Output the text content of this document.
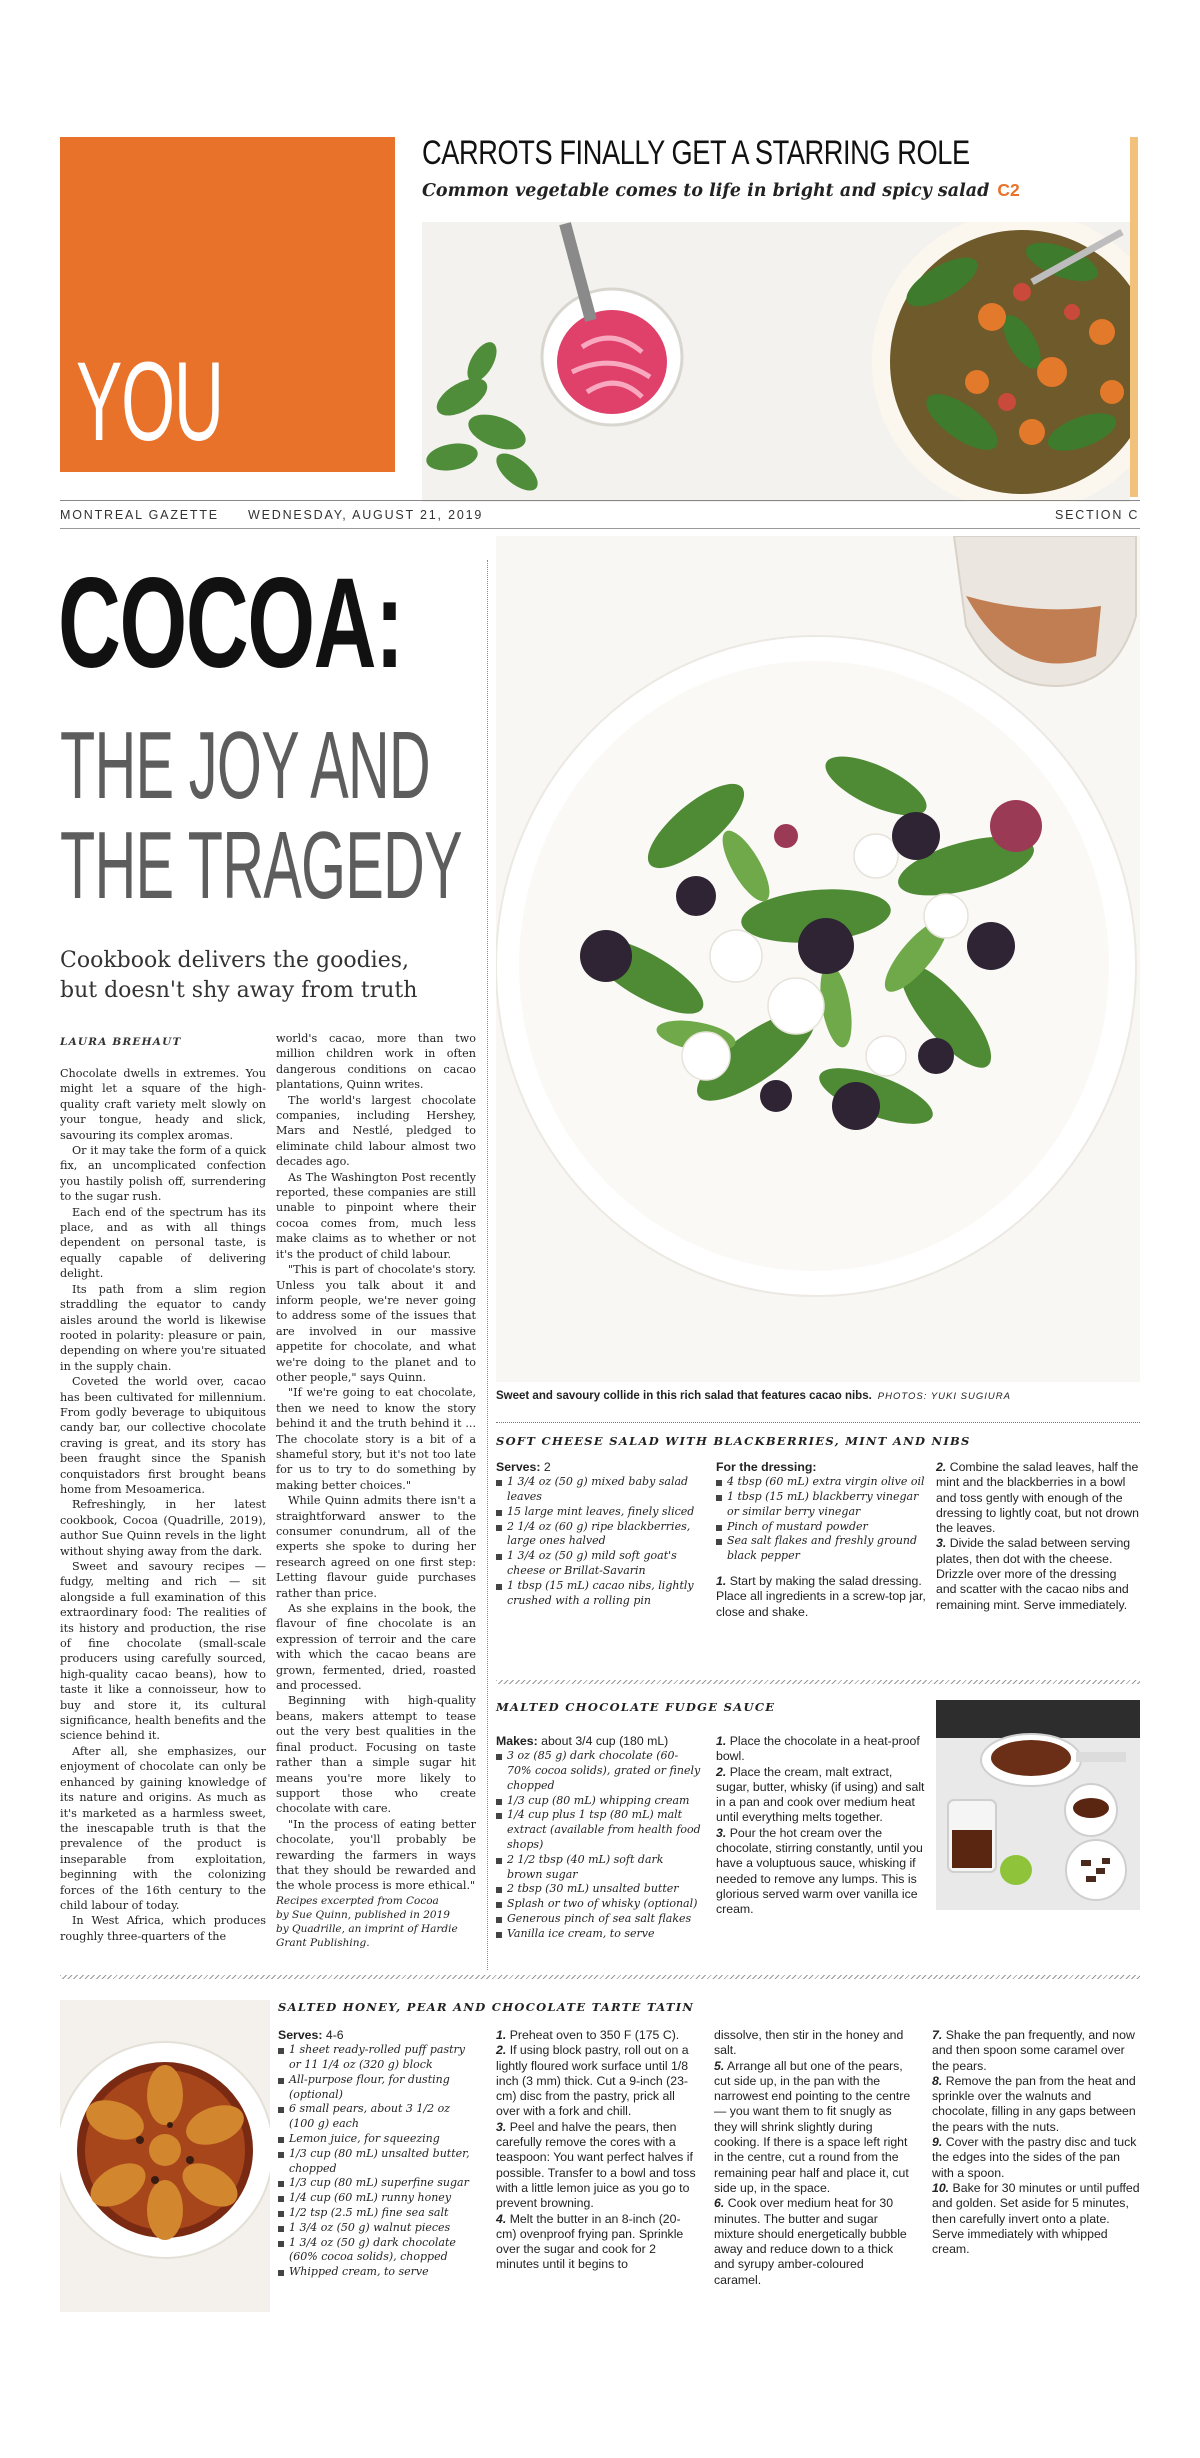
YOU
CARROTS FINALLY GET A STARRING ROLE
Common vegetable comes to life in bright and spicy salad C2
MONTREAL GAZETTE WEDNESDAY, AUGUST 21, 2019	SECTION C
COCOA:
THE JOY AND
THE TRAGEDY
Cookbook delivers the goodies,
but doesn't shy away from truth
LAURA BREHAUT

Chocolate dwells in extremes. You might let a square of the high-quality craft variety melt slowly on your tongue, heady and slick, savouring its complex aromas.

Or it may take the form of a quick fix, an uncomplicated confection you hastily polish off, surrendering to the sugar rush.

Each end of the spectrum has its place, and as with all things dependent on personal taste, is equally capable of delivering delight.

Its path from a slim region straddling the equator to candy aisles around the world is likewise rooted in polarity: pleasure or pain, depending on where you're situated in the supply chain.

Coveted the world over, cacao has been cultivated for millennium. From godly beverage to ubiquitous candy bar, our collective chocolate craving is great, and its story has been fraught since the Spanish conquistadors first brought beans home from Mesoamerica.

Refreshingly, in her latest cookbook, Cocoa (Quadrille, 2019), author Sue Quinn revels in the light without shying away from the dark.

Sweet and savoury recipes — fudgy, melting and rich — sit alongside a full examination of this extraordinary food: The realities of its history and production, the rise of fine chocolate (small-scale producers using carefully sourced, high-quality cacao beans), how to taste it like a connoisseur, how to buy and store it, its cultural significance, health benefits and the science behind it.

After all, she emphasizes, our enjoyment of chocolate can only be enhanced by gaining knowledge of its nature and origins. As much as it's marketed as a harmless sweet, the inescapable truth is that the prevalence of the product is inseparable from exploitation, beginning with the colonizing forces of the 16th century to the child labour of today.

In West Africa, which produces roughly three-quarters of the

world's cacao, more than two million children work in often dangerous conditions on cacao plantations, Quinn writes.

The world's largest chocolate companies, including Hershey, Mars and Nestlé, pledged to eliminate child labour almost two decades ago.

As The Washington Post recently reported, these companies are still unable to pinpoint where their cocoa comes from, much less make claims as to whether or not it's the product of child labour.

"This is part of chocolate's story. Unless you talk about it and inform people, we're never going to address some of the issues that are involved in our massive appetite for chocolate, and what we're doing to the planet and to other people," says Quinn.

"If we're going to eat chocolate, then we need to know the story behind it and the truth behind it ... The chocolate story is a bit of a shameful story, but it's not too late for us to try to do something by making better choices."

While Quinn admits there isn't a straightforward answer to the consumer conundrum, all of the experts she spoke to during her research agreed on one first step: Letting flavour guide purchases rather than price.

As she explains in the book, the flavour of fine chocolate is an expression of terroir and the care with which the cacao beans are grown, fermented, dried, roasted and processed.

Beginning with high-quality beans, makers attempt to tease out the very best qualities in the final product. Focusing on taste rather than a simple sugar hit means you're more likely to support those who create chocolate with care.

"In the process of eating better chocolate, you'll probably be rewarding the farmers in ways that they should be rewarded and the whole process is more ethical."

Recipes excerpted from Cocoa

by Sue Quinn, published in 2019

by Quadrille, an imprint of Hardie

Grant Publishing.

Sweet and savoury collide in this rich salad that features cacao nibs. PHOTOS: YUKI SUGIURA
SOFT CHEESE SALAD WITH BLACKBERRIES, MINT AND NIBS
Serves: 2
1 3/4 oz (50 g) mixed baby salad leaves
15 large mint leaves, finely sliced
2 1/4 oz (60 g) ripe blackberries, large ones halved
1 3/4 oz (50 g) mild soft goat's cheese or Brillat-Savarin
1 tbsp (15 mL) cacao nibs, lightly crushed with a rolling pin
For the dressing:
4 tbsp (60 mL) extra virgin olive oil
1 tbsp (15 mL) blackberry vinegar or similar berry vinegar
Pinch of mustard powder
Sea salt flakes and freshly ground black pepper
1. Start by making the salad dressing. Place all ingredients in a screw-top jar, close and shake.
2. Combine the salad leaves, half the mint and the blackberries in a bowl and toss gently with enough of the dressing to lightly coat, but not drown the leaves.
3. Divide the salad between serving plates, then dot with the cheese. Drizzle over more of the dressing and scatter with the cacao nibs and remaining mint. Serve immediately.
MALTED CHOCOLATE FUDGE SAUCE
Makes: about 3/4 cup (180 mL)
3 oz (85 g) dark chocolate (60-70% cocoa solids), grated or finely chopped
1/3 cup (80 mL) whipping cream
1/4 cup plus 1 tsp (80 mL) malt extract (available from health food shops)
2 1/2 tbsp (40 mL) soft dark brown sugar
2 tbsp (30 mL) unsalted butter
Splash or two of whisky (optional)
Generous pinch of sea salt flakes
Vanilla ice cream, to serve
1. Place the chocolate in a heat-proof bowl.
2. Place the cream, malt extract, sugar, butter, whisky (if using) and salt in a pan and cook over medium heat until everything melts together.
3. Pour the hot cream over the chocolate, stirring constantly, until you have a voluptuous sauce, whisking if needed to remove any lumps. This is glorious served warm over vanilla ice cream.
SALTED HONEY, PEAR AND CHOCOLATE TARTE TATIN
Serves: 4-6
1 sheet ready-rolled puff pastry or 11 1/4 oz (320 g) block
All-purpose flour, for dusting (optional)
6 small pears, about 3 1/2 oz (100 g) each
Lemon juice, for squeezing
1/3 cup (80 mL) unsalted butter, chopped
1/3 cup (80 mL) superfine sugar
1/4 cup (60 mL) runny honey
1/2 tsp (2.5 mL) fine sea salt
1 3/4 oz (50 g) walnut pieces
1 3/4 oz (50 g) dark chocolate (60% cocoa solids), chopped
Whipped cream, to serve
1. Preheat oven to 350 F (175 C).
2. If using block pastry, roll out on a lightly floured work surface until 1/8 inch (3 mm) thick. Cut a 9-inch (23-cm) disc from the pastry, prick all over with a fork and chill.
3. Peel and halve the pears, then carefully remove the cores with a teaspoon: You want perfect halves if possible. Transfer to a bowl and toss with a little lemon juice as you go to prevent browning.
4. Melt the butter in an 8-inch (20-cm) ovenproof frying pan. Sprinkle over the sugar and cook for 2 minutes until it begins to
dissolve, then stir in the honey and salt.
5. Arrange all but one of the pears, cut side up, in the pan with the narrowest end pointing to the centre — you want them to fit snugly as they will shrink slightly during cooking. If there is a space left right in the centre, cut a round from the remaining pear half and place it, cut side up, in the space.
6. Cook over medium heat for 30 minutes. The butter and sugar mixture should energetically bubble away and reduce down to a thick and syrupy amber-coloured caramel.
7. Shake the pan frequently, and now and then spoon some caramel over the pears.
8. Remove the pan from the heat and sprinkle over the walnuts and chocolate, filling in any gaps between the pears with the nuts.
9. Cover with the pastry disc and tuck the edges into the sides of the pan with a spoon.
10. Bake for 30 minutes or until puffed and golden. Set aside for 5 minutes, then carefully invert onto a plate. Serve immediately with whipped cream.
